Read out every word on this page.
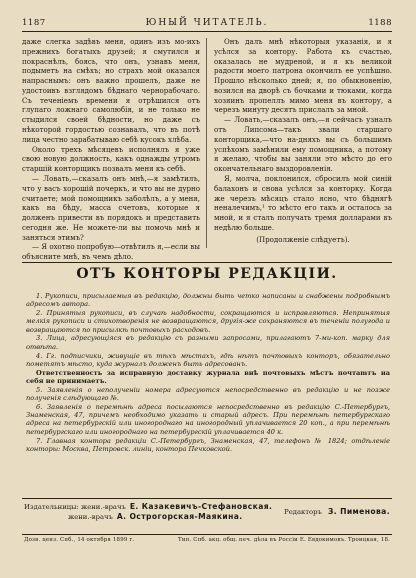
1187	ЮНЫЙ ЧИТАТЕЛЬ.	1188

даже слегка задѣвъ меня, одинъ изъ мо-ихъ прежнихъ богатыхъ друзей; я смутился и покраснѣлъ, боясь, что онъ, узнавъ меня, подыметъ на смѣхъ; но страхъ мой оказался напраснымъ: онъ важно прошелъ, даже не удостоивъ взглядомъ бѣднаго чернорабочаго. Съ теченіемъ времени я отрѣшился отъ глупаго ложнаго самолюбія, и не только не стыдился своей бѣдности, но даже съ нѣкоторой гордостью сознавалъ, что въ потѣ лица честно зарабатываю себѣ кусокъ хлѣба.

Около трехъ мѣсяцевъ исполнялъ я уже свою новую должность, какъ однажды утромъ старшій конторщикъ позвалъ меня къ себѣ.

— Ловать,—сказалъ онъ мнѣ,—я замѣтилъ, что у васъ хорошій почеркъ, и что вы не дурно считаете; мой помощникъ заболѣлъ, а у меня, какъ на бѣду, масса счетовъ, которые я долженъ привести въ порядокъ и представить сегодня же. Не можете-ли вы помочь мнѣ и заняться этимъ?

— Я охотно попробую—отвѣтилъ я,—если вы объясните мнѣ, въ чемъ дѣло.

Онъ далъ мнѣ нѣкоторыя указанія, и я усѣлся за контору. Работа къ счастью, оказалась не мудреной, и я къ великой радости моего патрона окончилъ ее успѣшно. Прошло нѣсколько дней; я, по обыкновенію, возился на дворѣ съ бочками и тюками, когда хозяинъ пропеллъ мимо меня въ контору, а черезъ минуту десятъ прислалъ за мной.

— Ловать,—сказалъ онъ,—я сейчасъ узналъ отъ Липсома—такъ звали старшаго конторщика,—что на-дняхъ вы съ большимъ успѣхомъ замѣнили ему помощника, а потому я желаю, чтобы вы заняли это мѣсто до его окончательнаго выздоровленія.

Я, молча, поклонился, сбросилъ мой синій балахонъ и снова усѣлся за конторку. Когда же черезъ мѣсяцъ стало ясно, что бѣднягѣ неналечимъ,¹ то мѣсто его такъ и осталось за мной, и я сталъ получать тремя долларами въ недѣлю больше.

(Продолженіе слѣдуетъ).

ОТЪ КОНТОРЫ РЕДАКЦІИ.

1. Рукописи, присылаемыя въ редакцію, должны быть четко написаны и снабжены подробнымъ адресомъ автора.

2. Принятыя рукописи, въ случаѣ надобности, сокращаются и исправляются. Непринятыя мелкія рукописи и стихотворенія не возвращаются, другія-же сохраняются въ теченіи полугода и возвращаются по присылкѣ почтовыхъ расходовъ.

3. Лица, адресующіяся въ редакцію съ разными запросами, прилагаютъ 7-ми-коп. марку для отвѣта.

4. Гг. подписчики, живущіе въ тѣхъ мѣстахъ, гдѣ нѣтъ почтовыхъ конторъ, обязательно пометятъ мѣсто, куда журналъ долженъ быть адресованъ.

Ответственность за исправную доставку журнала внѣ почтовыхъ мѣстъ почтаmтъ на себя не принимаетъ.

5. Заявленія о неполученіи номера адресуются непосредственно въ редакцію и не позже полученія слѣдующаго №.

6. Заявленія о перемѣнѣ адреса посылаются непосредственно въ редакцію С.-Петербургъ, Знаменская, 47, причемъ необходимо указать и старый адресъ. При перемѣнѣ петербургскаго адреса на петербургскій или иногороднаго на иногородный уплачивается 20 коп., а при перемѣнѣ петербургскаго или иногороднаго на петербургскій уплачивается 40 к.

7. Главная контора редакціи С.-Петербургъ, Знаменская, 47, телефонъ № 1824; отдѣленіе конторы: Москва, Петровск. линіи, контора Печковской.

Издательницы: жени.-врачъ Е. Казакевичъ-Стефановская.
жени.-врачъ А. Острогорская-Маякина.	Редакторъ З. Пименова.
Дозв. ценз. Спб., 14 октября 1899 г.	Тип. Спб. акц. общ. печ. дѣла въ Россіи Е. Евдокимовъ. Троицкая, 18.
